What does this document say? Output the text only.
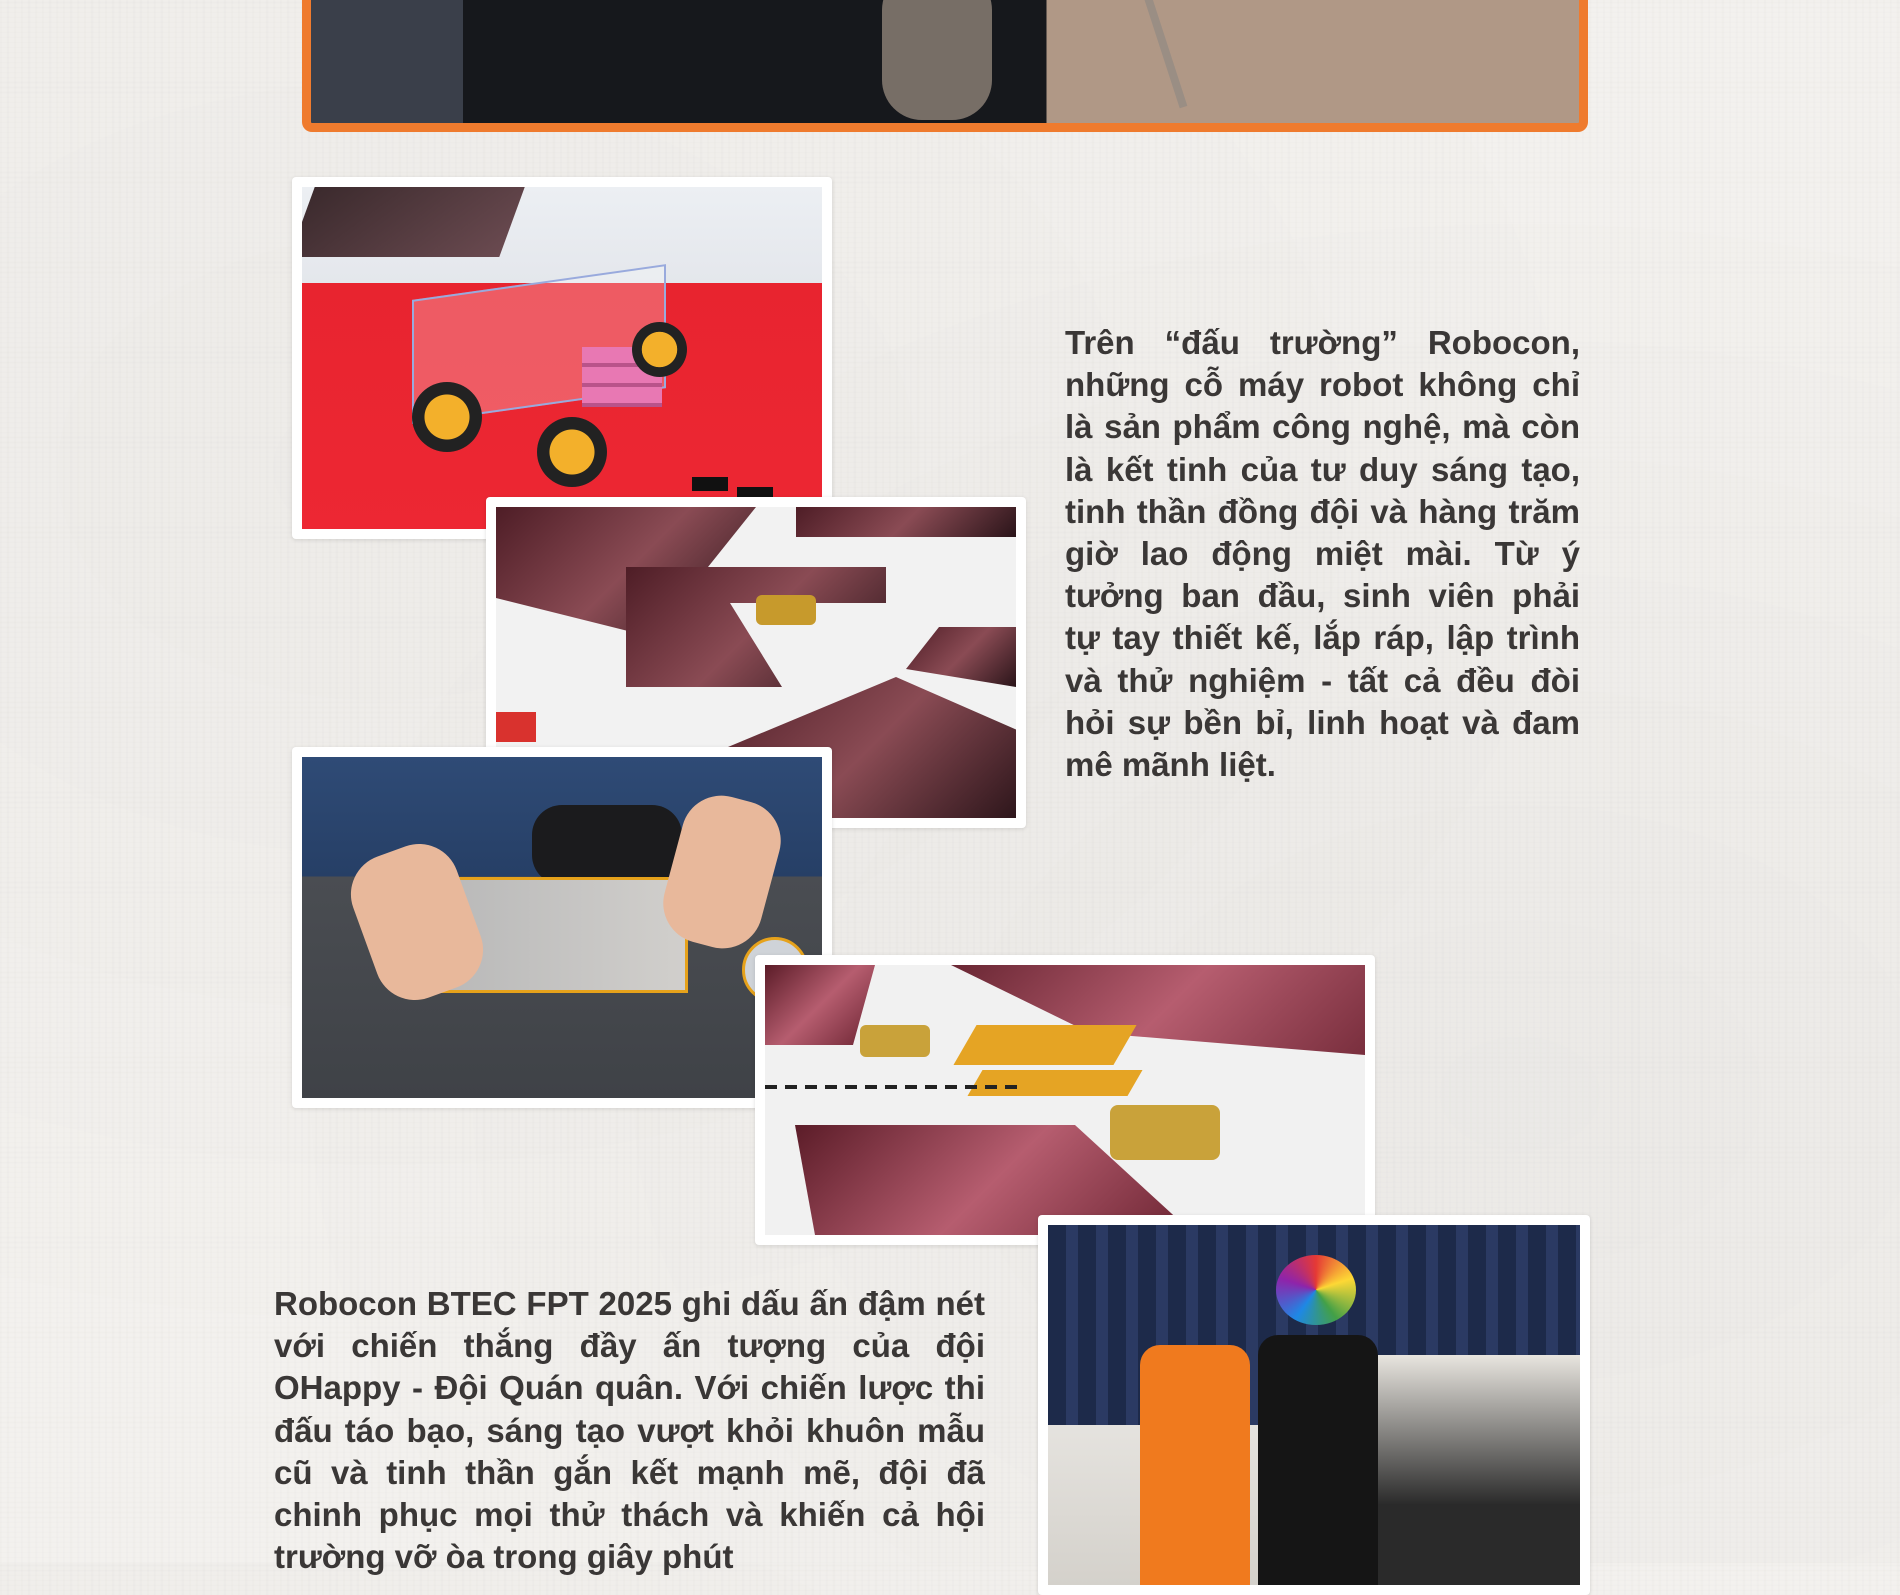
Trên “đấu trường” Robocon, những cỗ máy robot không chỉ là sản phẩm công nghệ, mà còn là kết tinh của tư duy sáng tạo, tinh thần đồng đội và hàng trăm giờ lao động miệt mài. Từ ý tưởng ban đầu, sinh viên phải tự tay thiết kế, lắp ráp, lập trình và thử nghiệm - tất cả đều đòi hỏi sự bền bỉ, linh hoạt và đam mê mãnh liệt.
Robocon BTEC FPT 2025 ghi dấu ấn đậm nét với chiến thắng đầy ấn tượng của đội OHappy - Đội Quán quân. Với chiến lược thi đấu táo bạo, sáng tạo vượt khỏi khuôn mẫu cũ và tinh thần gắn kết mạnh mẽ, đội đã chinh phục mọi thử thách và khiến cả hội trường vỡ òa trong giây phút
